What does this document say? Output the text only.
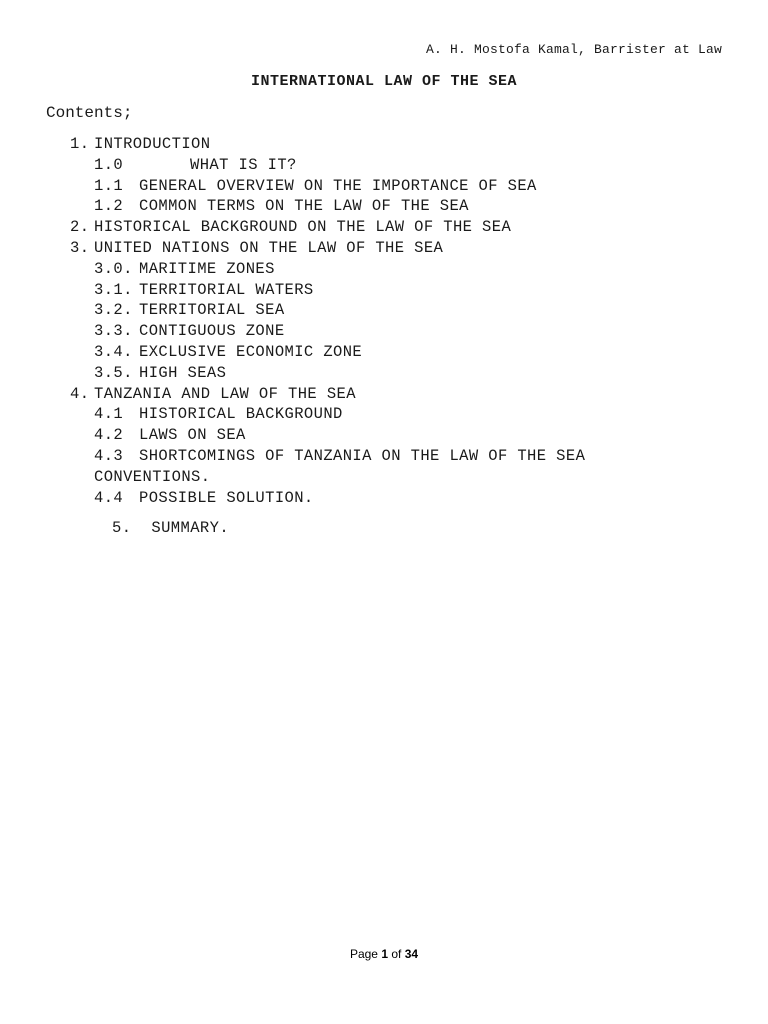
A. H. Mostofa Kamal, Barrister at Law
INTERNATIONAL LAW OF THE SEA
Contents;
1. INTRODUCTION
1.0	WHAT IS IT?
1.1 GENERAL OVERVIEW ON THE IMPORTANCE OF SEA
1.2 COMMON TERMS ON THE LAW OF THE SEA
2. HISTORICAL BACKGROUND ON THE LAW OF THE SEA
3. UNITED NATIONS ON THE LAW OF THE SEA
3.0. MARITIME ZONES
3.1. TERRITORIAL WATERS
3.2. TERRITORIAL SEA
3.3. CONTIGUOUS ZONE
3.4. EXCLUSIVE ECONOMIC ZONE
3.5. HIGH SEAS
4. TANZANIA AND LAW OF THE SEA
4.1 HISTORICAL BACKGROUND
4.2 LAWS ON SEA
4.3 SHORTCOMINGS OF TANZANIA ON THE LAW OF THE SEA
CONVENTIONS.
4.4 POSSIBLE SOLUTION.
5. SUMMARY.
Page 1 of 34
